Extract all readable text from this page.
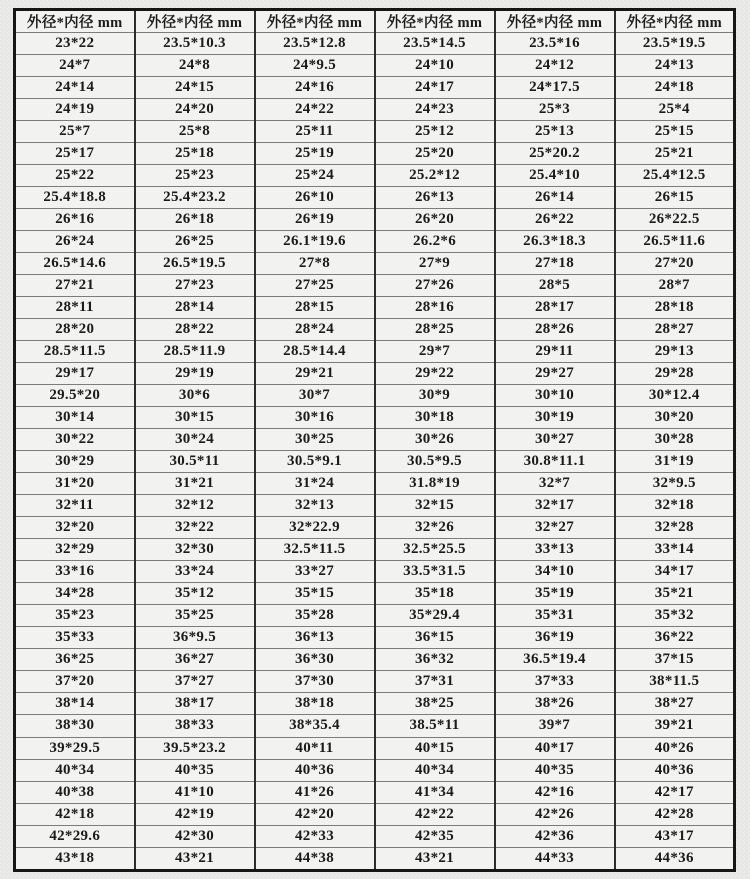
外径*内径 mm	外径*内径 mm	外径*内径 mm	外径*内径 mm	外径*内径 mm	外径*内径 mm
23*22	23.5*10.3	23.5*12.8	23.5*14.5	23.5*16	23.5*19.5
24*7	24*8	24*9.5	24*10	24*12	24*13
24*14	24*15	24*16	24*17	24*17.5	24*18
24*19	24*20	24*22	24*23	25*3	25*4
25*7	25*8	25*11	25*12	25*13	25*15
25*17	25*18	25*19	25*20	25*20.2	25*21
25*22	25*23	25*24	25.2*12	25.4*10	25.4*12.5
25.4*18.8	25.4*23.2	26*10	26*13	26*14	26*15
26*16	26*18	26*19	26*20	26*22	26*22.5
26*24	26*25	26.1*19.6	26.2*6	26.3*18.3	26.5*11.6
26.5*14.6	26.5*19.5	27*8	27*9	27*18	27*20
27*21	27*23	27*25	27*26	28*5	28*7
28*11	28*14	28*15	28*16	28*17	28*18
28*20	28*22	28*24	28*25	28*26	28*27
28.5*11.5	28.5*11.9	28.5*14.4	29*7	29*11	29*13
29*17	29*19	29*21	29*22	29*27	29*28
29.5*20	30*6	30*7	30*9	30*10	30*12.4
30*14	30*15	30*16	30*18	30*19	30*20
30*22	30*24	30*25	30*26	30*27	30*28
30*29	30.5*11	30.5*9.1	30.5*9.5	30.8*11.1	31*19
31*20	31*21	31*24	31.8*19	32*7	32*9.5
32*11	32*12	32*13	32*15	32*17	32*18
32*20	32*22	32*22.9	32*26	32*27	32*28
32*29	32*30	32.5*11.5	32.5*25.5	33*13	33*14
33*16	33*24	33*27	33.5*31.5	34*10	34*17
34*28	35*12	35*15	35*18	35*19	35*21
35*23	35*25	35*28	35*29.4	35*31	35*32
35*33	36*9.5	36*13	36*15	36*19	36*22
36*25	36*27	36*30	36*32	36.5*19.4	37*15
37*20	37*27	37*30	37*31	37*33	38*11.5
38*14	38*17	38*18	38*25	38*26	38*27
38*30	38*33	38*35.4	38.5*11	39*7	39*21
39*29.5	39.5*23.2	40*11	40*15	40*17	40*26
40*34	40*35	40*36	40*34	40*35	40*36
40*38	41*10	41*26	41*34	42*16	42*17
42*18	42*19	42*20	42*22	42*26	42*28
42*29.6	42*30	42*33	42*35	42*36	43*17
43*18	43*21	44*38	43*21	44*33	44*36
